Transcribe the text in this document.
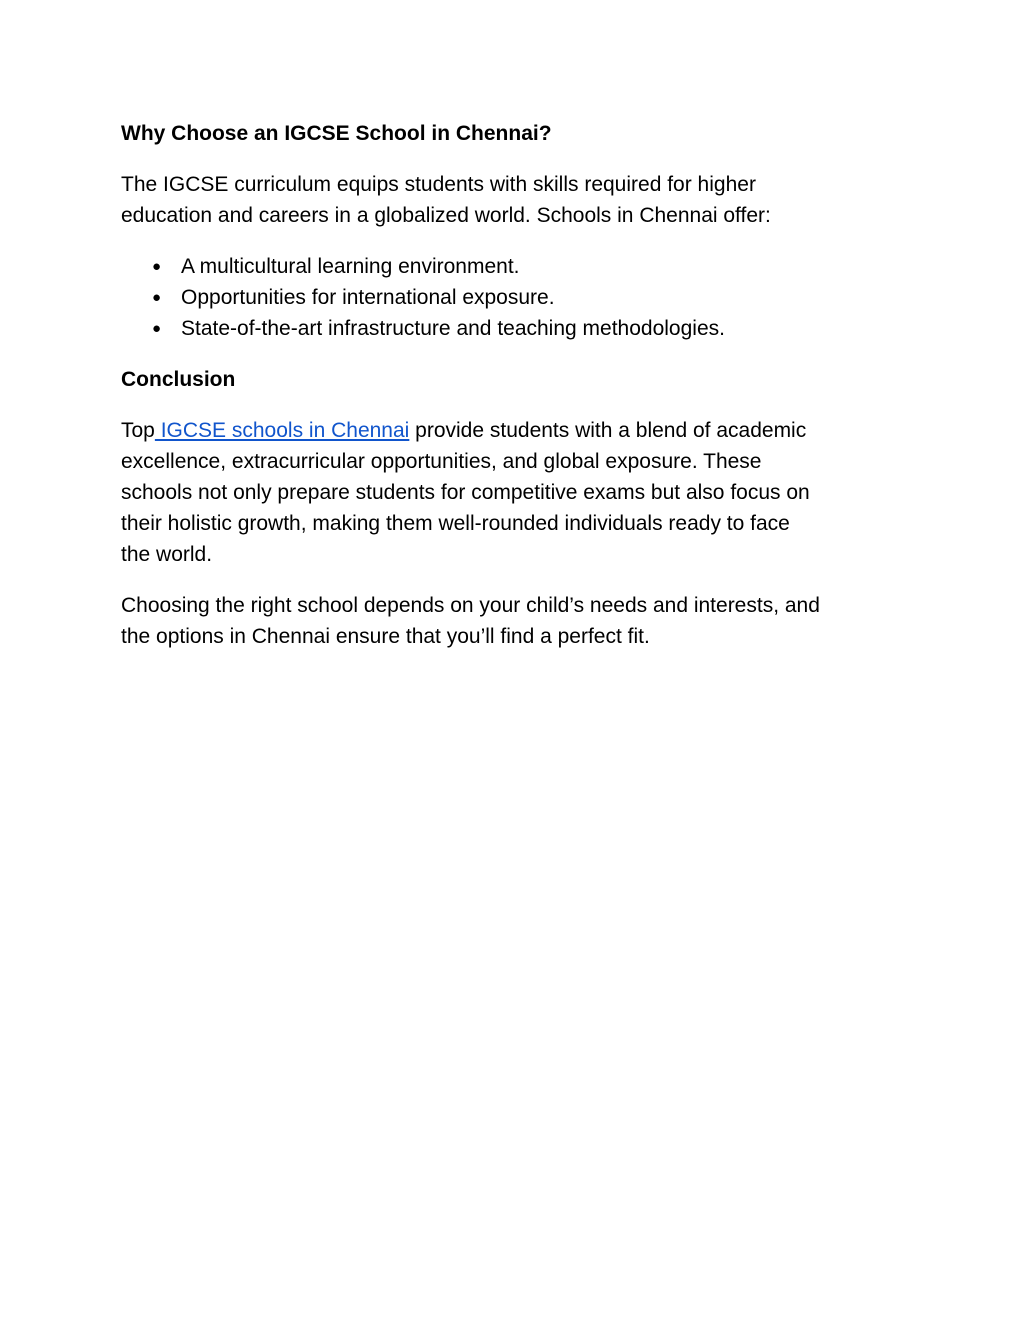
Why Choose an IGCSE School in Chennai?

The IGCSE curriculum equips students with skills required for higher
education and careers in a globalized world. Schools in Chennai offer:

● A multicultural learning environment.
● Opportunities for international exposure.
● State-of-the-art infrastructure and teaching methodologies.

Conclusion

Top IGCSE schools in Chennai provide students with a blend of academic
excellence, extracurricular opportunities, and global exposure. These
schools not only prepare students for competitive exams but also focus on
their holistic growth, making them well-rounded individuals ready to face
the world.

Choosing the right school depends on your child’s needs and interests, and
the options in Chennai ensure that you’ll find a perfect fit.
